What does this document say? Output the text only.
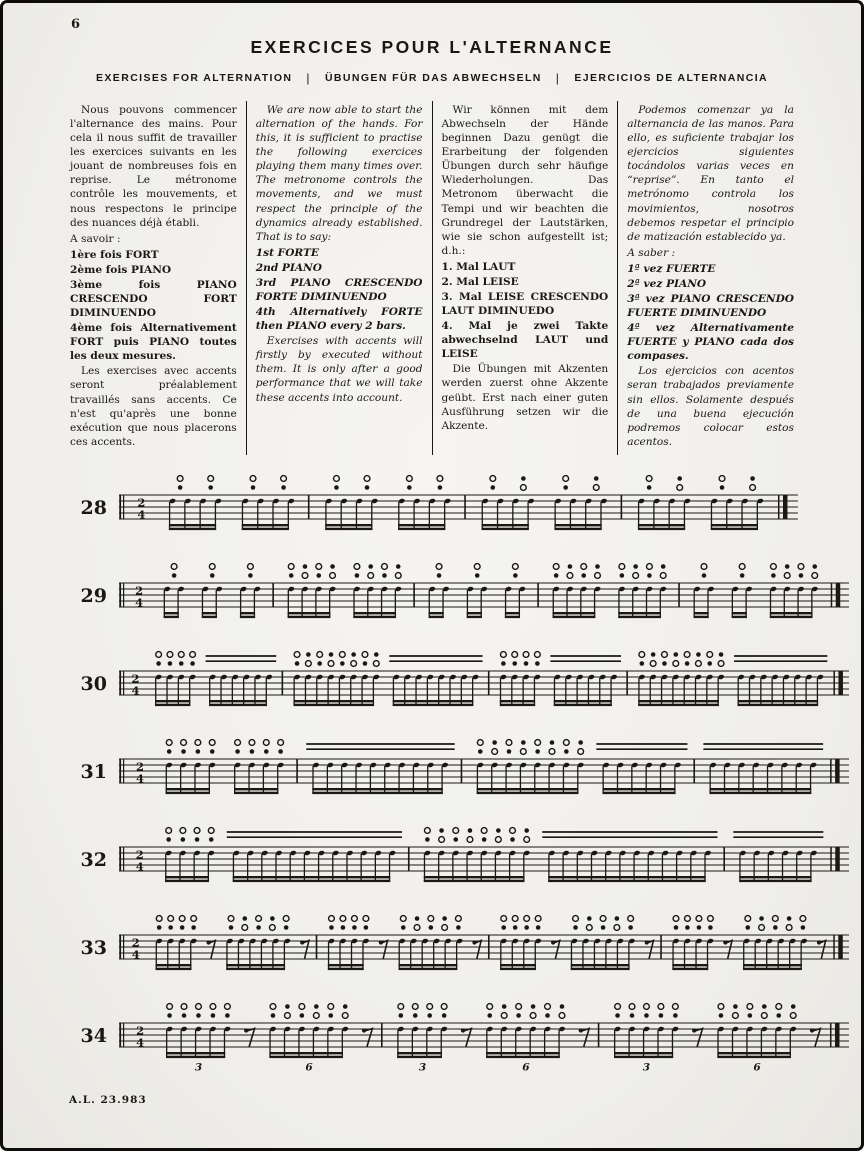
6
EXERCICES POUR L'ALTERNANCE
EXERCISES FOR ALTERNATION | ÜBUNGEN FÜR DAS ABWECHSELN | EJERCICIOS DE ALTERNANCIA

Nous pouvons commencer l'alternance des mains. Pour cela il nous suffit de travailler les exercices suivants en les jouant de nombreuses fois en reprise. Le métronome contrôle les mouvements, et nous respectons le principe des nuances déjà établi.

A savoir :

1ère fois FORT

2ème fois PIANO

3ème fois PIANO CRESCENDO FORT DIMINUENDO

4ème fois Alternativement FORT puis PIANO toutes les deux mesures.

Les exercises avec accents seront préalablement travaillés sans accents. Ce n'est qu'après une bonne exécution que nous placerons ces accents.

We are now able to start the alternation of the hands. For this, it is sufficient to practise the following exercices playing them many times over. The metronome controls the movements, and we must respect the principle of the dynamics already established. That is to say:

1st FORTE

2nd PIANO

3rd PIANO CRESCENDO FORTE DIMINUENDO

4th Alternatively FORTE then PIANO every 2 bars.

Exercises with accents will firstly by executed without them. It is only after a good performance that we will take these accents into account.

Wir können mit dem Abwechseln der Hände beginnen Dazu genügt die Erarbeitung der folgenden Übungen durch sehr häufige Wiederholungen. Das Metronom überwacht die Tempi und wir beachten die Grundregel der Lautstärken, wie sie schon aufgestellt ist; d.h.:

1. Mal LAUT

2. Mal LEISE

3. Mal LEISE CRESCENDO LAUT DIMINUEDO

4. Mal je zwei Takte abwechselnd LAUT und LEISE

Die Übungen mit Akzenten werden zuerst ohne Akzente geübt. Erst nach einer guten Ausführung setzen wir die Akzente.

Podemos comenzar ya la alternancia de las manos. Para ello, es suficiente trabajar los ejercicios siguientes tocándolos varias veces en “reprise”. En tanto el metrónomo controla los movimientos, nosotros debemos respetar el principio de matización establecido ya.

A saber :

1ª vez FUERTE

2ª vez PIANO

3ª vez PIANO CRESCENDO FUERTE DIMINUENDO

4ª vez Alternativamente FUERTE y PIANO cada dos compases.

Los ejercicios con acentos seran trabajados previamente sin ellos. Solamente después de una buena ejecución podremos colocar estos acentos.

28	2
4
29	2
4
30	2
4
31	2
4
32	2
4
33	2
4
34	2
4
3	6	3	6	3	6
A.L. 23.983
